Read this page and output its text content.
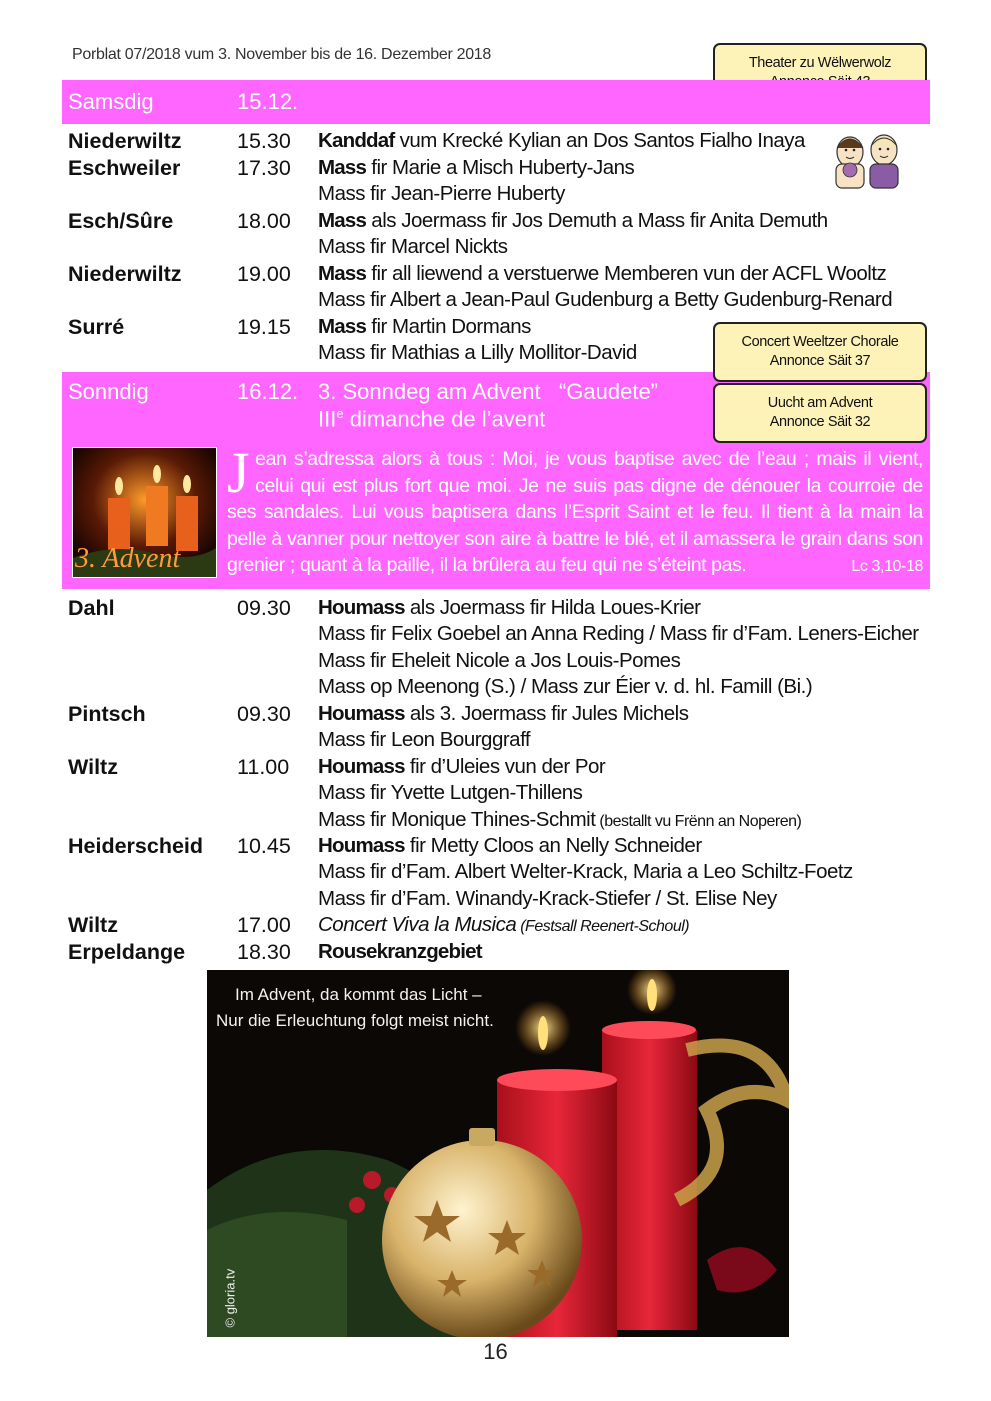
Porblat 07/2018 vum 3. November bis de 16. Dezember 2018	Theater zu Wëlwerwolz
Samsdig	15.12.
Niederwiltz	15.30 Kanddaf vum Krecké Kylian an Dos Santos Fialho Inaya
Eschweiler	17.30 Mass fir Marie a Misch Huberty-Jans
Mass fir Jean-Pierre Huberty
Esch/Sûre	18.00 Mass als Joermass fir Jos Demuth a Mass fir Anita Demuth
Mass fir Marcel Nickts
Niederwiltz	19.00 Mass fir all liewend a verstuerwe Memberen vun der ACFL Wooltz
Mass fir Albert a Jean-Paul Gudenburg a Betty Gudenburg-Renard
Surré	19.15 Mass fir Martin Dormans
Mass fir Mathias a Lilly Mollitor-David
Sonndig	16.12. 3. Sonndeg am Advent   “Gaudete”
IIIe dimanche de l’avent
Concert Weeltzer Chorale
Annonce Säit 37
Uucht am Advent
Annonce Säit 32
3. Advent
Jean s’adressa alors à tous : Moi, je vous baptise avec de l’eau ; mais il vient, celui qui est plus fort que moi. Je ne suis pas digne de dénouer la courroie de ses sandales. Lui vous baptisera dans l’Esprit Saint et le feu. Il tient à la main la pelle à vanner pour nettoyer son aire à battre le blé, et il amassera le grain dans son grenier ; quant à la paille, il la brûlera au feu qui ne s’éteint pas.	Lc 3,10-18
Dahl	09.30 Houmass als Joermass fir Hilda Loues-Krier
Mass fir Felix Goebel an Anna Reding / Mass fir d’Fam. Leners-Eicher
Mass fir Eheleit Nicole a Jos Louis-Pomes
Mass op Meenong (S.) / Mass zur Éier v. d. hl. Famill (Bi.)
Pintsch	09.30 Houmass als 3. Joermass fir Jules Michels
Mass fir Leon Bourggraff
Wiltz	11.00 Houmass fir d’Uleies vun der Por
Mass fir Yvette Lutgen-Thillens
Mass fir Monique Thines-Schmit (bestallt vu Frënn an Noperen)
Heiderscheid 10.45 Houmass fir Metty Cloos an Nelly Schneider
Mass fir d’Fam. Albert Welter-Krack, Maria a Leo Schiltz-Foetz
Mass fir d’Fam. Winandy-Krack-Stiefer / St. Elise Ney
Wiltz	17.00 Concert Viva la Musica (Festsall Reenert-Schoul)
Erpeldange 18.30 Rousekranzgebiet
Im Advent, da kommt das Licht –
Nur die Erleuchtung folgt meist nicht.
© gloria.tv
16
